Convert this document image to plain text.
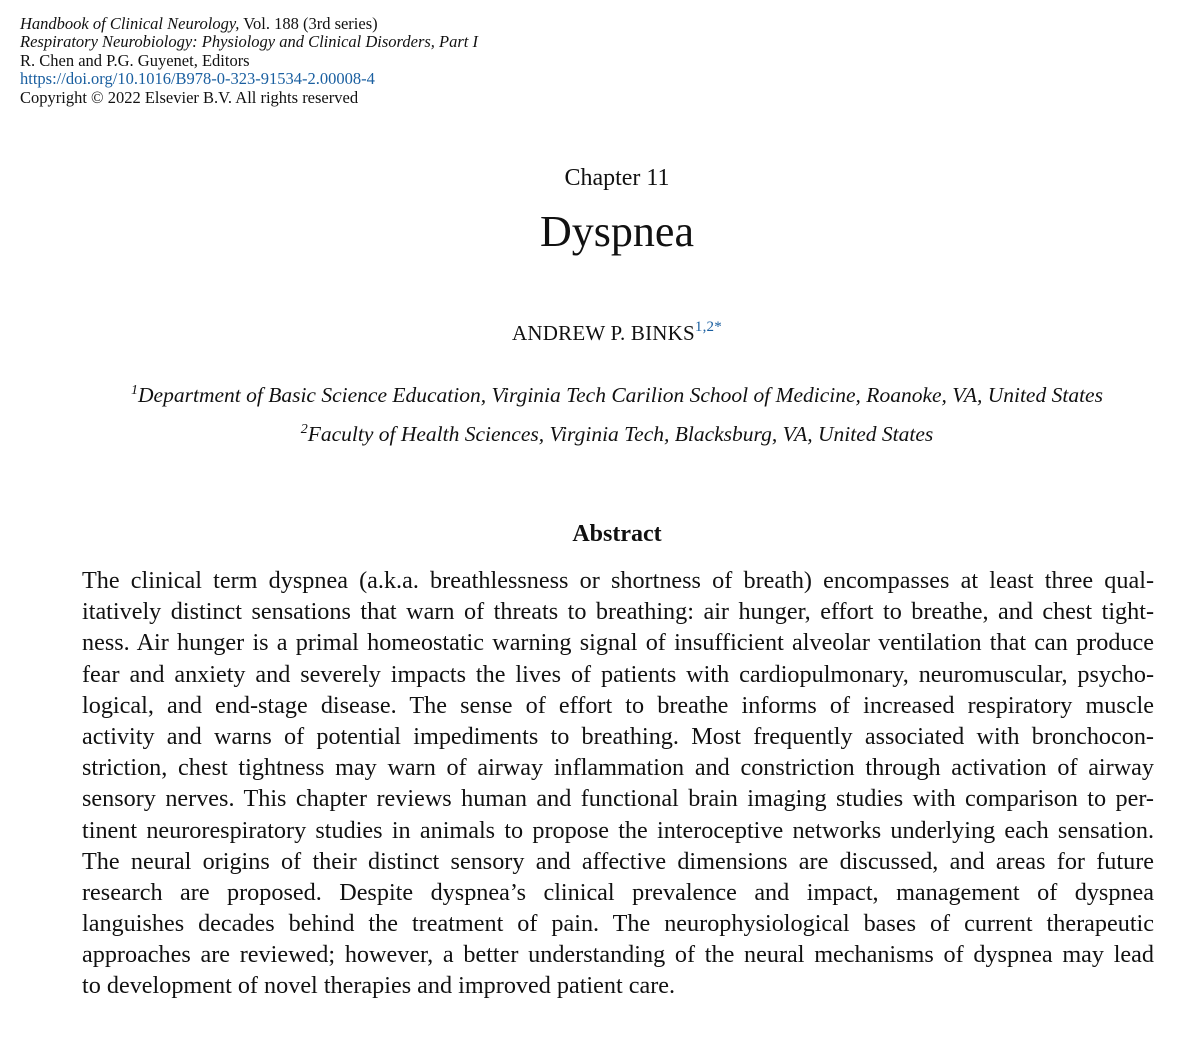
Handbook of Clinical Neurology, Vol. 188 (3rd series)
Respiratory Neurobiology: Physiology and Clinical Disorders, Part I
R. Chen and P.G. Guyenet, Editors
https://doi.org/10.1016/B978-0-323-91534-2.00008-4
Copyright © 2022 Elsevier B.V. All rights reserved
Chapter 11
Dyspnea
ANDREW P. $BINKS^{1,2*}$
$^1$Department of Basic Science Education, Virginia Tech Carilion School of Medicine, Roanoke, VA, United States
$^2$Faculty of Health Sciences, Virginia Tech, Blacksburg, VA, United States
Abstract
The clinical term dyspnea (a.k.a. breathlessness or shortness of breath) encompasses at least three qual-
itatively distinct sensations that warn of threats to breathing: air hunger, effort to breathe, and chest tight-
ness. Air hunger is a primal homeostatic warning signal of insufficient alveolar ventilation that can produce
fear and anxiety and severely impacts the lives of patients with cardiopulmonary, neuromuscular, psycho-
logical, and end-stage disease. The sense of effort to breathe informs of increased respiratory muscle
activity and warns of potential impediments to breathing. Most frequently associated with bronchocon-
striction, chest tightness may warn of airway inflammation and constriction through activation of airway
sensory nerves. This chapter reviews human and functional brain imaging studies with comparison to per-
tinent neurorespiratory studies in animals to propose the interoceptive networks underlying each sensation.
The neural origins of their distinct sensory and affective dimensions are discussed, and areas for future
research are proposed. Despite dyspnea’s clinical prevalence and impact, management of dyspnea
languishes decades behind the treatment of pain. The neurophysiological bases of current therapeutic
approaches are reviewed; however, a better understanding of the neural mechanisms of dyspnea may lead
to development of novel therapies and improved patient care.
